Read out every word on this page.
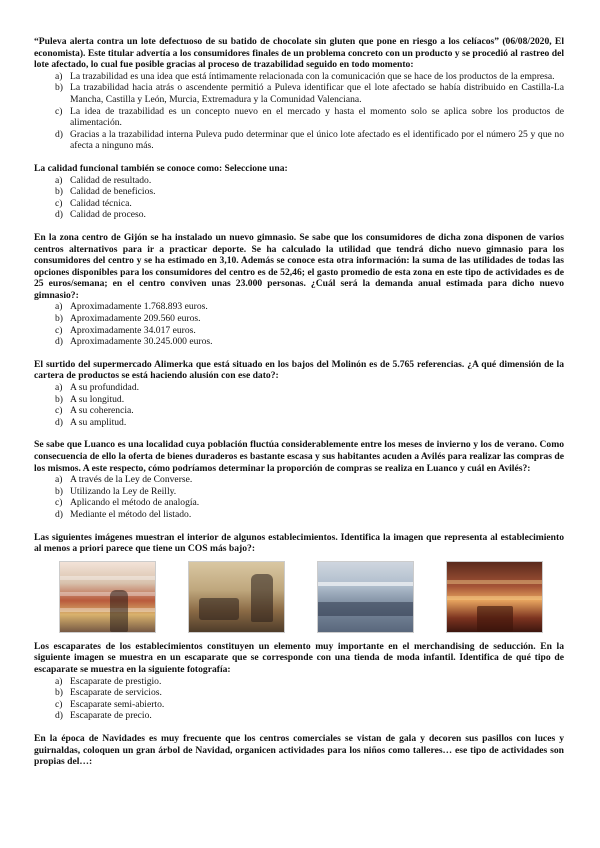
“Puleva alerta contra un lote defectuoso de su batido de chocolate sin gluten que pone en riesgo a los celíacos” (06/08/2020, El economista). Este titular advertía a los consumidores finales de un problema concreto con un producto y se procedió al rastreo del lote afectado, lo cual fue posible gracias al proceso de trazabilidad seguido en todo momento:

a) La trazabilidad es una idea que está íntimamente relacionada con la comunicación que se hace de los productos de la empresa.
b) La trazabilidad hacia atrás o ascendente permitió a Puleva identificar que el lote afectado se había distribuido en Castilla-La Mancha, Castilla y León, Murcia, Extremadura y la Comunidad Valenciana.
c) La idea de trazabilidad es un concepto nuevo en el mercado y hasta el momento solo se aplica sobre los productos de alimentación.
d) Gracias a la trazabilidad interna Puleva pudo determinar que el único lote afectado es el identificado por el número 25 y que no afecta a ninguno más.

La calidad funcional también se conoce como: Seleccione una:

a) Calidad de resultado.
b) Calidad de beneficios.
c) Calidad técnica.
d) Calidad de proceso.

En la zona centro de Gijón se ha instalado un nuevo gimnasio. Se sabe que los consumidores de dicha zona disponen de varios centros alternativos para ir a practicar deporte. Se ha calculado la utilidad que tendrá dicho nuevo gimnasio para los consumidores del centro y se ha estimado en 3,10. Además se conoce esta otra información: la suma de las utilidades de todas las opciones disponibles para los consumidores del centro es de 52,46; el gasto promedio de esta zona en este tipo de actividades es de 25 euros/semana; en el centro conviven unas 23.000 personas. ¿Cuál será la demanda anual estimada para dicho nuevo gimnasio?:

a) Aproximadamente 1.768.893 euros.
b) Aproximadamente 209.560 euros.
c) Aproximadamente 34.017 euros.
d) Aproximadamente 30.245.000 euros.

El surtido del supermercado Alimerka que está situado en los bajos del Molinón es de 5.765 referencias. ¿A qué dimensión de la cartera de productos se está haciendo alusión con ese dato?:

a) A su profundidad.
b) A su longitud.
c) A su coherencia.
d) A su amplitud.

Se sabe que Luanco es una localidad cuya población fluctúa considerablemente entre los meses de invierno y los de verano. Como consecuencia de ello la oferta de bienes duraderos es bastante escasa y sus habitantes acuden a Avilés para realizar las compras de los mismos. A este respecto, cómo podríamos determinar la proporción de compras se realiza en Luanco y cuál en Avilés?:

a) A través de la Ley de Converse.
b) Utilizando la Ley de Reilly.
c) Aplicando el método de analogía.
d) Mediante el método del listado.

Las siguientes imágenes muestran el interior de algunos establecimientos. Identifica la imagen que representa al establecimiento al menos a priori parece que tiene un COS más bajo?:

Los escaparates de los establecimientos constituyen un elemento muy importante en el merchandising de seducción. En la siguiente imagen se muestra en un escaparate que se corresponde con una tienda de moda infantil. Identifica de qué tipo de escaparate se muestra en la siguiente fotografía:

a) Escaparate de prestigio.
b) Escaparate de servicios.
c) Escaparate semi-abierto.
d) Escaparate de precio.

En la época de Navidades es muy frecuente que los centros comerciales se vistan de gala y decoren sus pasillos con luces y guirnaldas, coloquen un gran árbol de Navidad, organicen actividades para los niños como talleres… ese tipo de actividades son propias del…:
